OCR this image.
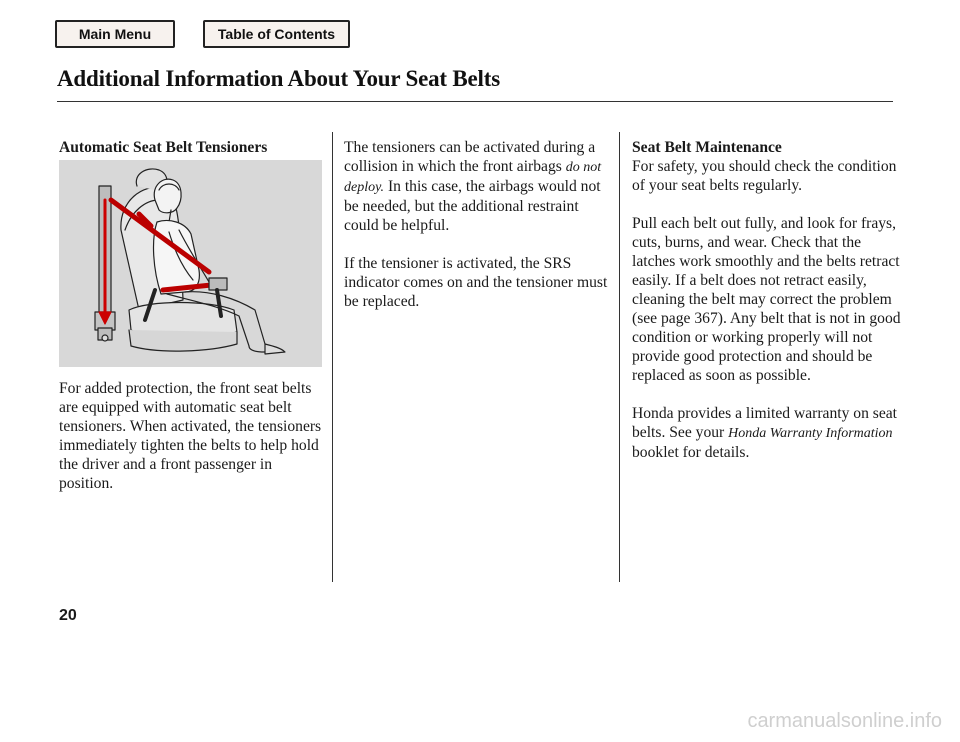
Main Menu	Table of Contents
Additional Information About Your Seat Belts

Automatic Seat Belt Tensioners

For added protection, the front seat belts are equipped with automatic seat belt tensioners. When activated, the tensioners immediately tighten the belts to help hold the driver and a front passenger in position.

The tensioners can be activated during a collision in which the front airbags do not deploy. In this case, the airbags would not be needed, but the additional restraint could be helpful.

If the tensioner is activated, the SRS indicator comes on and the tensioner must be replaced.

Seat Belt Maintenance

For safety, you should check the condition of your seat belts regularly.

Pull each belt out fully, and look for frays, cuts, burns, and wear. Check that the latches work smoothly and the belts retract easily. If a belt does not retract easily, cleaning the belt may correct the problem (see page 367). Any belt that is not in good condition or working properly will not provide good protection and should be replaced as soon as possible.

Honda provides a limited warranty on seat belts. See your Honda Warranty Information booklet for details.

20
carmanualsonline.info
